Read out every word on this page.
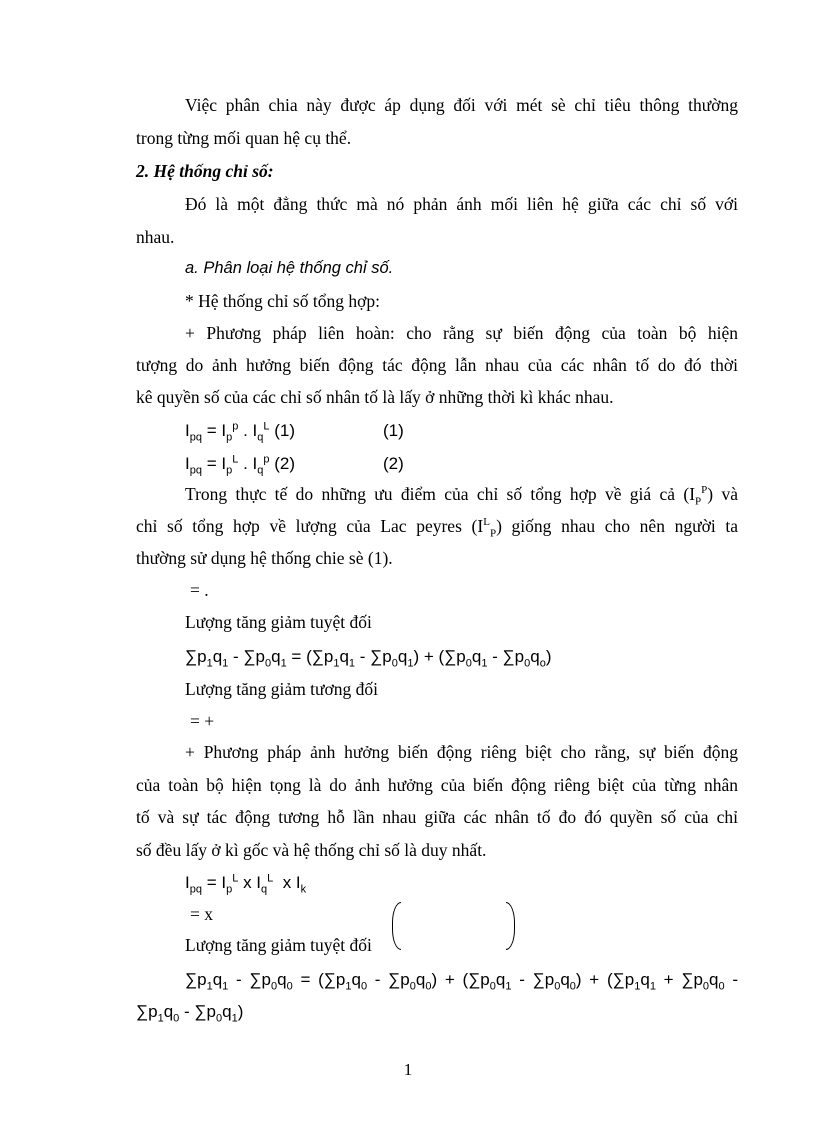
Việc phân chia này được áp dụng đối với mét sè chỉ tiêu thông thường
trong từng mối quan hệ cụ thể.
2. Hệ thống chỉ số:
Đó là một đẳng thức mà nó phản ánh mối liên hệ giữa các chỉ số với
nhau.
a. Phân loại hệ thống chỉ số.
* Hệ thống chỉ số tổng hợp:
+ Phương pháp liên hoàn: cho rằng sự biến động của toàn bộ hiện
tượng do ảnh hưởng biến động tác động lẫn nhau của các nhân tố do đó thời
kê quyền số của các chỉ số nhân tố là lấy ở những thời kì khác nhau.
$I_{pq} = I_p^p$ . $I_q^L$ (1)	(1)
$I_{pq} = I_p^L$ . $I_q^p$ (2)	(2)
Trong thực tế do những ưu điểm của chỉ số tổng hợp về giá cả $(I_P^P)$ và
chỉ số tổng hợp về lượng của Lac peyres $(I^L_P)$ giống nhau cho nên người ta
thường sử dụng hệ thống chie sè (1).
= .
Lượng tăng giảm tuyệt đối
$\sum p_1q_1 - \sum p_0q_1 = (\sum p_1q_1 - \sum p_0q_1) + (\sum p_0q_1 - \sum p_0q_o)$
Lượng tăng giảm tương đối
= +
+ Phương pháp ảnh hưởng biến động riêng biệt cho rằng, sự biến động
của toàn bộ hiện tọng là do ảnh hưởng của biến động riêng biệt của từng nhân
tố và sự tác động tương hỗ lần nhau giữa các nhân tố đo đó quyền số của chỉ
số đều lấy ở kì gốc và hệ thống chỉ số là duy nhất.
$I_{pq} = I_p^L$ x $I_q^L$  x $I_k$
= x
Lượng tăng giảm tuyệt đối
$\sum p_1q_1 - \sum p_0q_0 = (\sum p_1q_0 - \sum p_0q_0) + (\sum p_0q_1 - \sum p_0q_0) + (\sum p_1q_1 + \sum p_0q_0$ -
$\sum p_1q_0 - \sum p_0q_1$)
1
